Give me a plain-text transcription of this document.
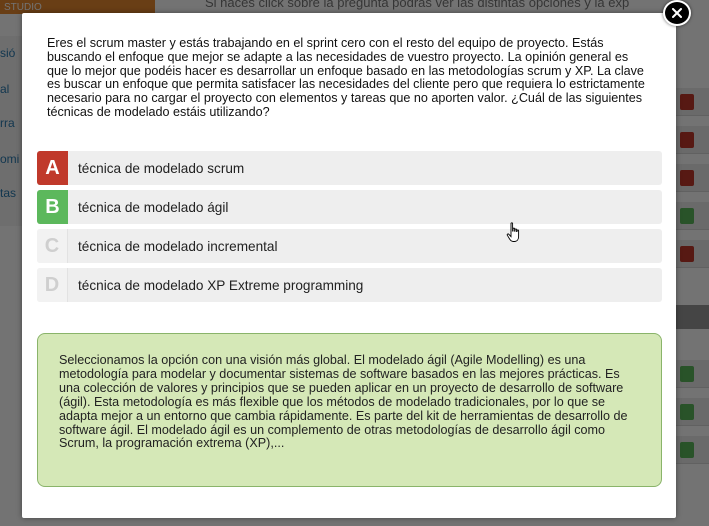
Eres el scrum master y estás trabajando en el sprint cero con el resto del equipo de proyecto. Estás buscando el enfoque que mejor se adapte a las necesidades de vuestro proyecto. La opinión general es que lo mejor que podéis hacer es desarrollar un enfoque basado en las metodologías scrum y XP. La clave es buscar un enfoque que permita satisfacer las necesidades del cliente pero que requiera lo estrictamente necesario para no cargar el proyecto con elementos y tareas que no aporten valor. ¿Cuál de las siguientes técnicas de modelado estáis utilizando?
A	técnica de modelado scrum
B	técnica de modelado ágil
C	técnica de modelado incremental
D	técnica de modelado XP Extreme programming
Seleccionamos la opción con una visión más global. El modelado ágil (Agile Modelling) es una metodología para modelar y documentar sistemas de software basados en las mejores prácticas. Es una colección de valores y principios que se pueden aplicar en un proyecto de desarrollo de software (ágil). Esta metodología es más flexible que los métodos de modelado tradicionales, por lo que se adapta mejor a un entorno que cambia rápidamente. Es parte del kit de herramientas de desarrollo de software ágil. El modelado ágil es un complemento de otras metodologías de desarrollo ágil como Scrum, la programación extrema (XP),...
